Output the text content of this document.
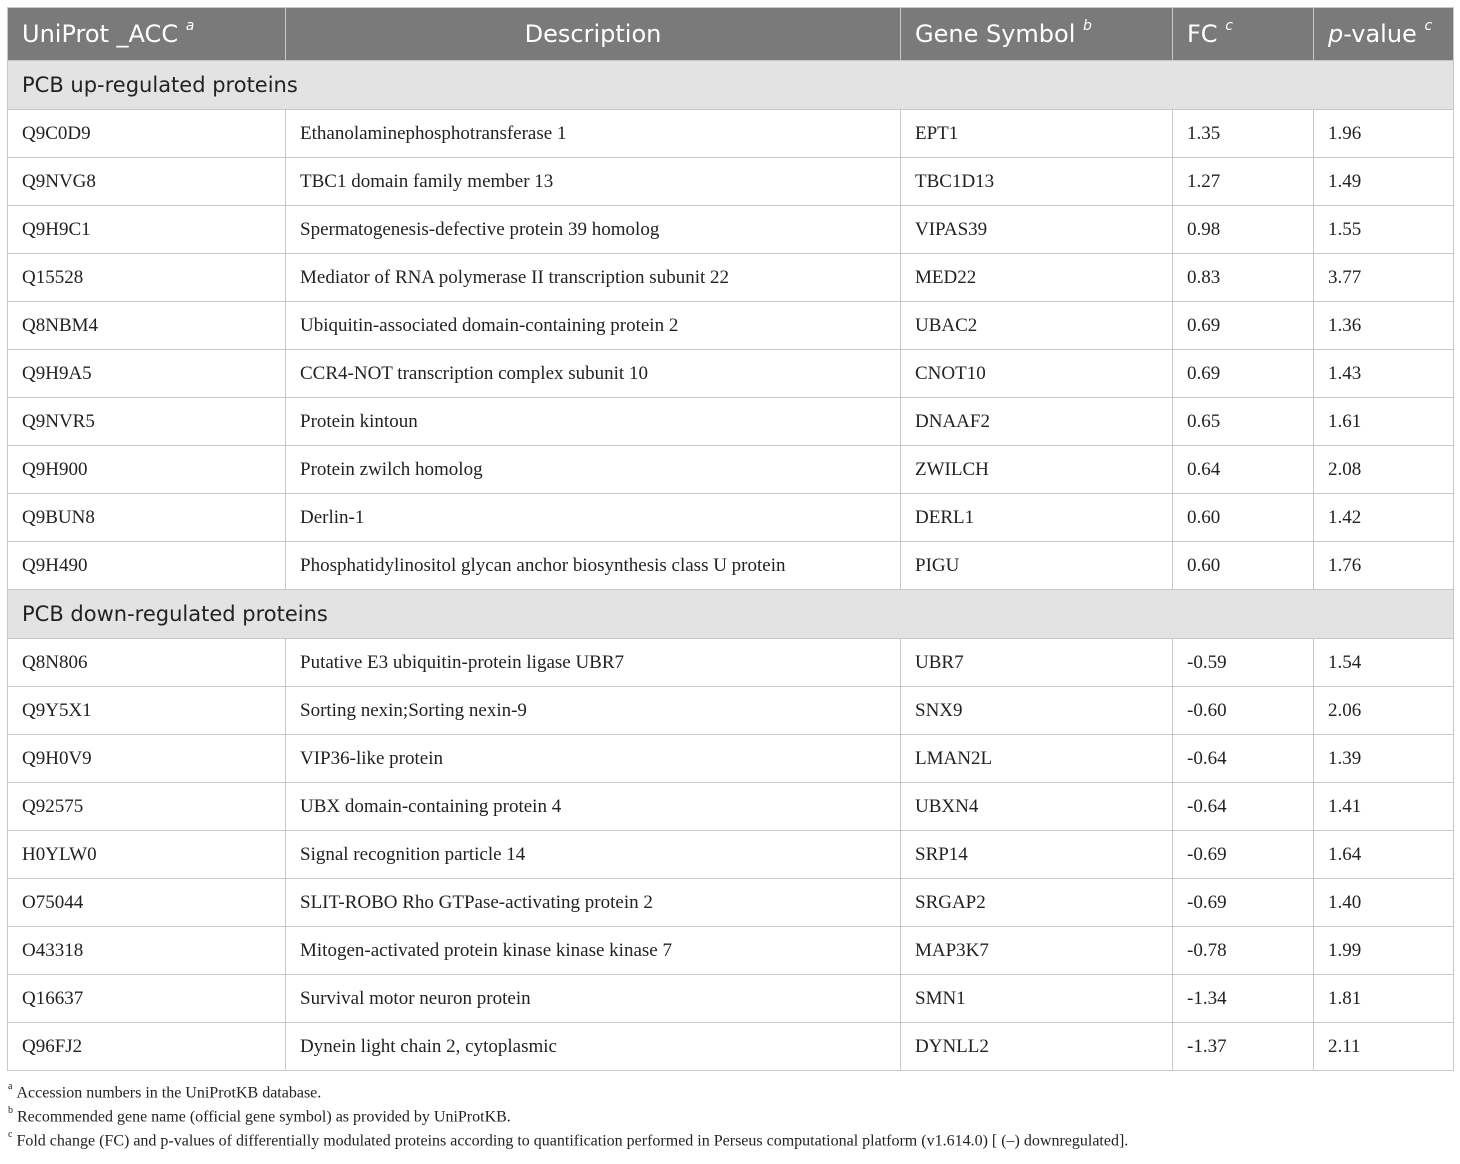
UniProt _ACC $^a$	Description	Gene Symbol $^b$	FC $^c$	p-value $^c$
PCB up-regulated proteins				
Q9C0D9	Ethanolaminephosphotransferase 1	EPT1	1.35	1.96
Q9NVG8	TBC1 domain family member 13	TBC1D13	1.27	1.49
Q9H9C1	Spermatogenesis-defective protein 39 homolog	VIPAS39	0.98	1.55
Q15528	Mediator of RNA polymerase II transcription subunit 22	MED22	0.83	3.77
Q8NBM4	Ubiquitin-associated domain-containing protein 2	UBAC2	0.69	1.36
Q9H9A5	CCR4-NOT transcription complex subunit 10	CNOT10	0.69	1.43
Q9NVR5	Protein kintoun	DNAAF2	0.65	1.61
Q9H900	Protein zwilch homolog	ZWILCH	0.64	2.08
Q9BUN8	Derlin-1	DERL1	0.60	1.42
Q9H490	Phosphatidylinositol glycan anchor biosynthesis class U protein	PIGU	0.60	1.76
PCB down-regulated proteins				
Q8N806	Putative E3 ubiquitin-protein ligase UBR7	UBR7	-0.59	1.54
Q9Y5X1	Sorting nexin;Sorting nexin-9	SNX9	-0.60	2.06
Q9H0V9	VIP36-like protein	LMAN2L	-0.64	1.39
Q92575	UBX domain-containing protein 4	UBXN4	-0.64	1.41
H0YLW0	Signal recognition particle 14	SRP14	-0.69	1.64
O75044	SLIT-ROBO Rho GTPase-activating protein 2	SRGAP2	-0.69	1.40
O43318	Mitogen-activated protein kinase kinase kinase 7	MAP3K7	-0.78	1.99
Q16637	Survival motor neuron protein	SMN1	-1.34	1.81
Q96FJ2	Dynein light chain 2, cytoplasmic	DYNLL2	-1.37	2.11
$^a$ Accession numbers in the UniProtKB database.
$^b$ Recommended gene name (official gene symbol) as provided by UniProtKB.
$^c$ Fold change (FC) and p-values of differentially modulated proteins according to quantification performed in Perseus computational platform (v1.614.0) [ (–) downregulated].
